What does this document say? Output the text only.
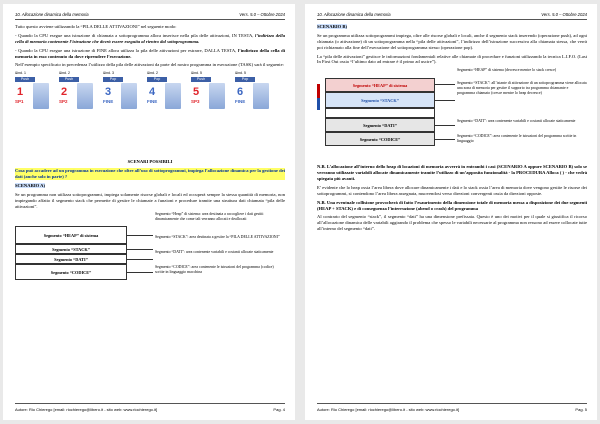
10. Allocazione dinamica della memoria	Vers. 5.0 – Ottobre 2024

Tutto questo avviene utilizzando la “PILA DELLE ATTIVAZIONI” nel seguente modo:

- Quando la CPU esegue una istruzione di chiamata a sottoprogramma allora inserisce nella pila delle attivazioni, IN TESTA, l’indirizzo della cella di memoria contenente l’istruzione che dovrà essere eseguita al rientro dal sottoprogramma.

- Quando la CPU esegue una istruzione di FINE allora utilizza la pila delle attivazioni per estrarre, DALLA TESTA, l’indirizzo della cella di memoria in esso contenuto da dove riprendere l’esecuzione.

Nell’esempio specificato in precedenza l’utilizzo della pila delle attivazioni da parte del nostro programma in esecuzione (TASK) sarà il seguente:

&ind. 1
Push
1
SP1
&ind. 2
Push
2
SP2
&ind. 3
Pop
3
FINE
&ind. 2
Pop
4
FINE
&ind. 5
Push
5
SP3
&ind. 5
Pop
6
FINE
SCENARI POSSIBILI

Cosa può accadere ad un programma in esecuzione che oltre all’uso di sottoprogrammi, impiega l’allocazione dinamica per la gestione dei dati (anche solo in parte) ?

SCENARIO A)

Se un programma non utilizza sottoprogrammi, impiega solamente risorse globali e locali ed occuperà sempre la stessa quantità di memoria, non impiegando affatto il segmento stack che permette di gestire le chiamate a funzioni e procedure tramite una struttura dati chiamata “pila delle attivazioni”.

Segmento “HEAP” di sistema
Segmento “STACK”
Segmento “DATI”
Segmento “CODICE”
Segmento “Heap” di sistema: area destinata a raccogliere i dati gestiti dinamicamente che come tali verranno allocati e deallocati
Segmento “STACK”: area destinata a gestire la “PILA DELLE ATTIVAZIONI”
Segmento “DATI”: area contenente variabili e costanti allocate staticamente
Segmento “CODICE”: area contenente le istruzioni del programma (codice) scritte in linguaggio macchina
Autore: Rio Chierego [email: riochierego@libero.it - sito web: www.riochierego.it]	Pag. 4
10. Allocazione dinamica della memoria	Vers. 5.0 – Ottobre 2024

SCENARIO B)

Se un programma utilizza sottoprogrammi impiega, oltre alle risorse globali e locali, anche il segmento stack inserendo (operazione push), ad ogni chiamata (o attivazione) di un sottoprogramma nella “pila delle attivazioni”, l’indirizzo dell’istruzione successiva alla chiamata stessa, che verrà poi richiamato alla fine dell’esecuzione del sottoprogramma stesso (operazione pop).

La “pila delle attivazioni” gestisce le informazioni fondamentali relative alle chiamate di procedure e funzioni utilizzando la tecnica L.I.F.O. (Last In First Out ossia “l’ultimo dato ad entrare è il primo ad uscire”).

Segmento “HEAP” di sistema
Segmento “STACK”
Segmento “DATI”
Segmento “CODICE”
Segmento “HEAP” di sistema (decresce mentre lo stack cresce)
Segmento “STACK”: all’istante di attivazione di un sottoprogramma viene allocata una zona di memoria per gestire il supporto tra programma chiamante e programma chiamato (cresce mentre lo heap decresce)
Segmento “DATI”: area contenente variabili e costanti allocate staticamente
Segmento “CODICE”: area contenente le istruzioni del programma scritte in linguaggio

N.B. L’allocazione all’interno dello heap di locazioni di memoria avverrà in entrambi i casi (SCENARIO A oppure SCENARIO B) solo se verranno utilizzate variabili allocate dinamicamente tramite l’utilizzo di un’apposita funzionalità - la PROCEDURA Alloca ( ) - che vedrà spiegata più avanti.

E’ evidente che lo heap ossia l’area libera dove allocare dinamicamente i dati e lo stack ossia l’area di memoria dove vengono gestite le risorse dei sottoprogrammi, si contendono l’area libera assegnata, muovendosi verso direzioni convergenti ossia da direzioni opposte.

N.B. Una eventuale collisione provocherà di fatto l’esaurimento della dimensione totale di memoria messa a disposizione dei due segmenti (HEAP + STACK) e di conseguenza l’interruzione (abend o crash) del programma

Al contrario del segmento “stack”, il segmento “dati” ha una dimensione prefissata. Questo è uno dei motivi per il quale si giustifica il ricorso all’allocazione dinamica delle variabili aggirando il problema che spesso le variabili necessarie al programma non ressono ad essere collocate tutte all’interno del segmento “dati”.

Autore: Rio Chierego [email: riochierego@libero.it - sito web: www.riochierego.it]	Pag. 5
